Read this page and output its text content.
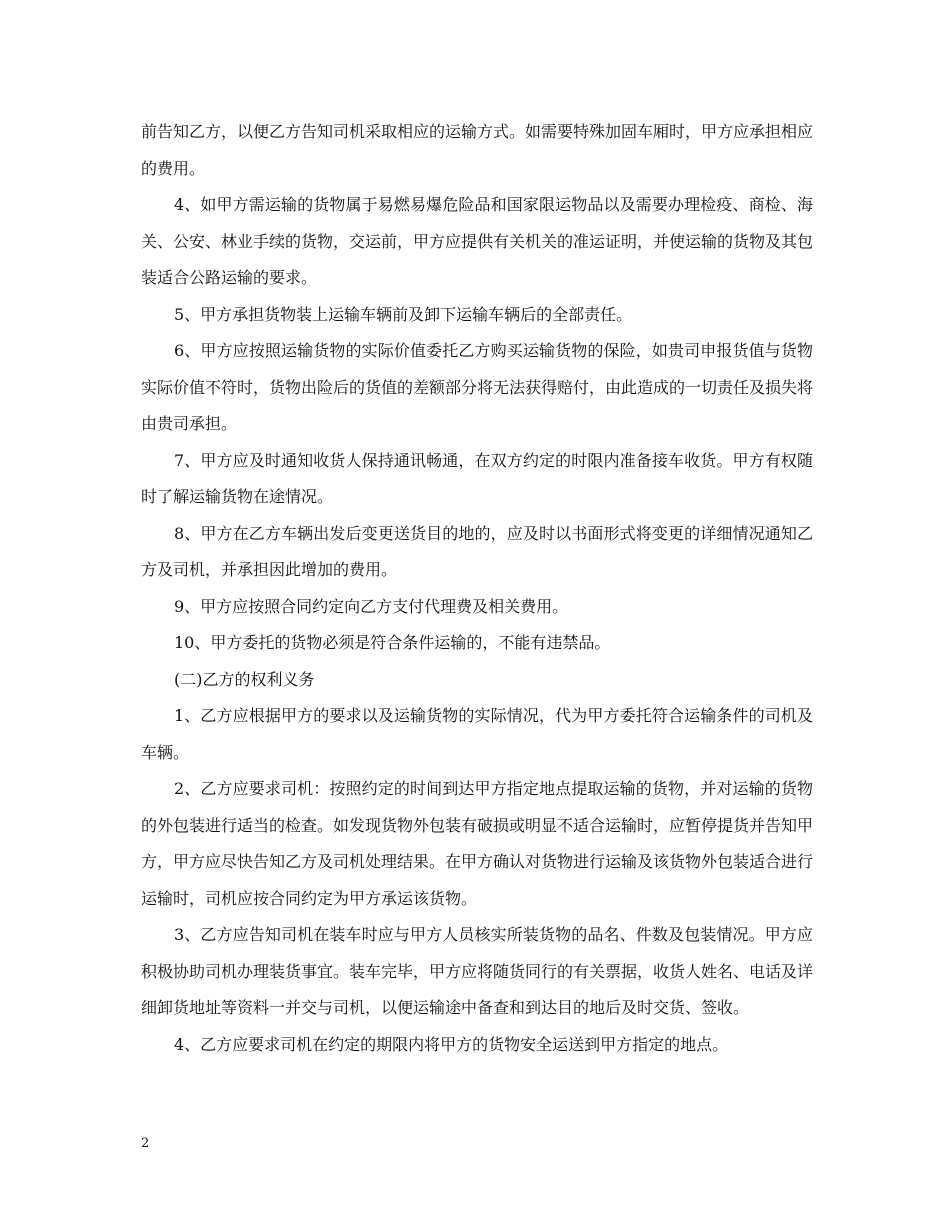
前告知乙方，以便乙方告知司机采取相应的运输方式。如需要特殊加固车厢时，甲方应承担相应的费用。

4、如甲方需运输的货物属于易燃易爆危险品和国家限运物品以及需要办理检疫、商检、海关、公安、林业手续的货物，交运前，甲方应提供有关机关的准运证明，并使运输的货物及其包装适合公路运输的要求。

5、甲方承担货物装上运输车辆前及卸下运输车辆后的全部责任。

6、甲方应按照运输货物的实际价值委托乙方购买运输货物的保险，如贵司申报货值与货物实际价值不符时，货物出险后的货值的差额部分将无法获得赔付，由此造成的一切责任及损失将由贵司承担。

7、甲方应及时通知收货人保持通讯畅通，在双方约定的时限内准备接车收货。甲方有权随时了解运输货物在途情况。

8、甲方在乙方车辆出发后变更送货目的地的，应及时以书面形式将变更的详细情况通知乙方及司机，并承担因此增加的费用。

9、甲方应按照合同约定向乙方支付代理费及相关费用。

10、甲方委托的货物必须是符合条件运输的，不能有违禁品。

(二)乙方的权利义务

1、乙方应根据甲方的要求以及运输货物的实际情况，代为甲方委托符合运输条件的司机及车辆。

2、乙方应要求司机：按照约定的时间到达甲方指定地点提取运输的货物，并对运输的货物的外包装进行适当的检查。如发现货物外包装有破损或明显不适合运输时，应暂停提货并告知甲方，甲方应尽快告知乙方及司机处理结果。在甲方确认对货物进行运输及该货物外包装适合进行运输时，司机应按合同约定为甲方承运该货物。

3、乙方应告知司机在装车时应与甲方人员核实所装货物的品名、件数及包装情况。甲方应积极协助司机办理装货事宜。装车完毕，甲方应将随货同行的有关票据，收货人姓名、电话及详细卸货地址等资料一并交与司机，以便运输途中备查和到达目的地后及时交货、签收。

4、乙方应要求司机在约定的期限内将甲方的货物安全运送到甲方指定的地点。

2
